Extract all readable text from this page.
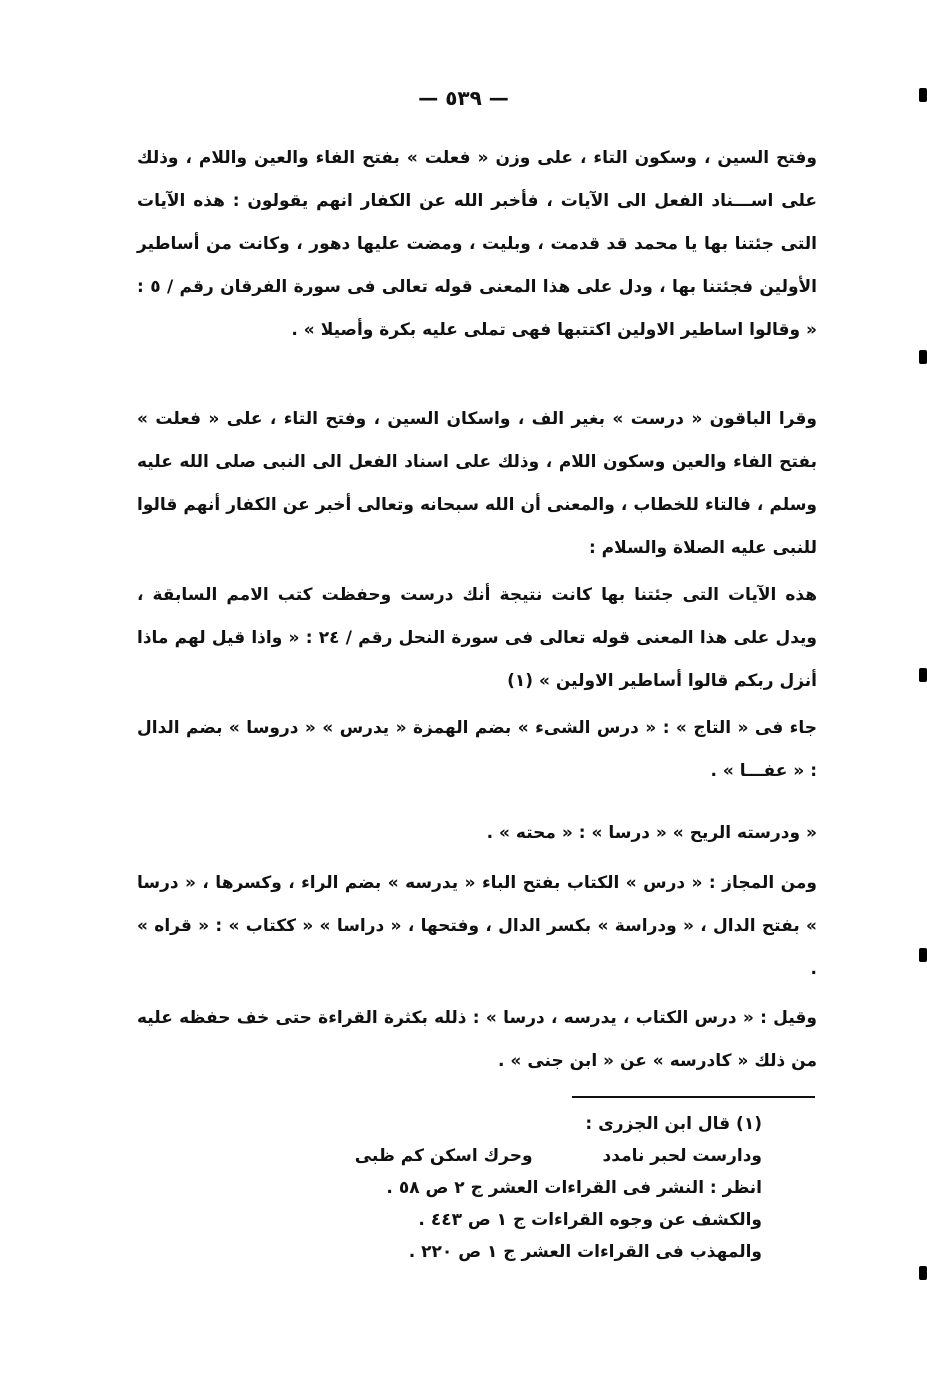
— ٥٣٩ —

وفتح السين ، وسكون التاء ، على وزن « فعلت » بفتح الفاء والعين واللام ، وذلك على اســـناد الفعل الى الآيات ، فأخبر الله عن الكفار انهم يقولون : هذه الآيات التى جئتنا بها يا محمد قد قدمت ، وبليت ، ومضت عليها دهور ، وكانت من أساطير الأولين فجئتنا بها ، ودل على هذا المعنى قوله تعالى فى سورة الفرقان رقم / ٥ : « وقالوا اساطير الاولين اكتتبها فهى تملى عليه بكرة وأصيلا » .

وقرا الباقون « درست » بغير الف ، واسكان السين ، وفتح التاء ، على « فعلت » بفتح الفاء والعين وسكون اللام ، وذلك على اسناد الفعل الى النبى صلى الله عليه وسلم ، فالتاء للخطاب ، والمعنى أن الله سبحانه وتعالى أخبر عن الكفار أنهم قالوا للنبى عليه الصلاة والسلام :

هذه الآيات التى جئتنا بها كانت نتيجة أنك درست وحفظت كتب الامم السابقة ، ويدل على هذا المعنى قوله تعالى فى سورة النحل رقم / ٢٤ : « واذا قيل لهم ماذا أنزل ربكم قالوا أساطير الاولين » (١)

جاء فى « التاج » : « درس الشىء » بضم الهمزة « يدرس » « دروسا » بضم الدال : « عفـــا » .

« ودرسته الريح » « درسا » : « محته » .

ومن المجاز : « درس » الكتاب بفتح الباء « يدرسه » بضم الراء ، وكسرها ، « درسا » بفتح الدال ، « ودراسة » بكسر الدال ، وفتحها ، « دراسا » « ككتاب » : « قراه » .

وقيل : « درس الكتاب ، يدرسه ، درسا » : ذلله بكثرة القراءة حتى خف حفظه عليه من ذلك « كادرسه » عن « ابن جنى » .

(١) قال ابن الجزرى :

ودارست لحبر نامدد
وحرك اسكن كم ظبى

انظر : النشر فى القراءات العشر ج ٢ ص ٥٨ .

والكشف عن وجوه القراءات ج ١ ص ٤٤٣ .

والمهذب فى القراءات العشر ج ١ ص ٢٢٠ .
